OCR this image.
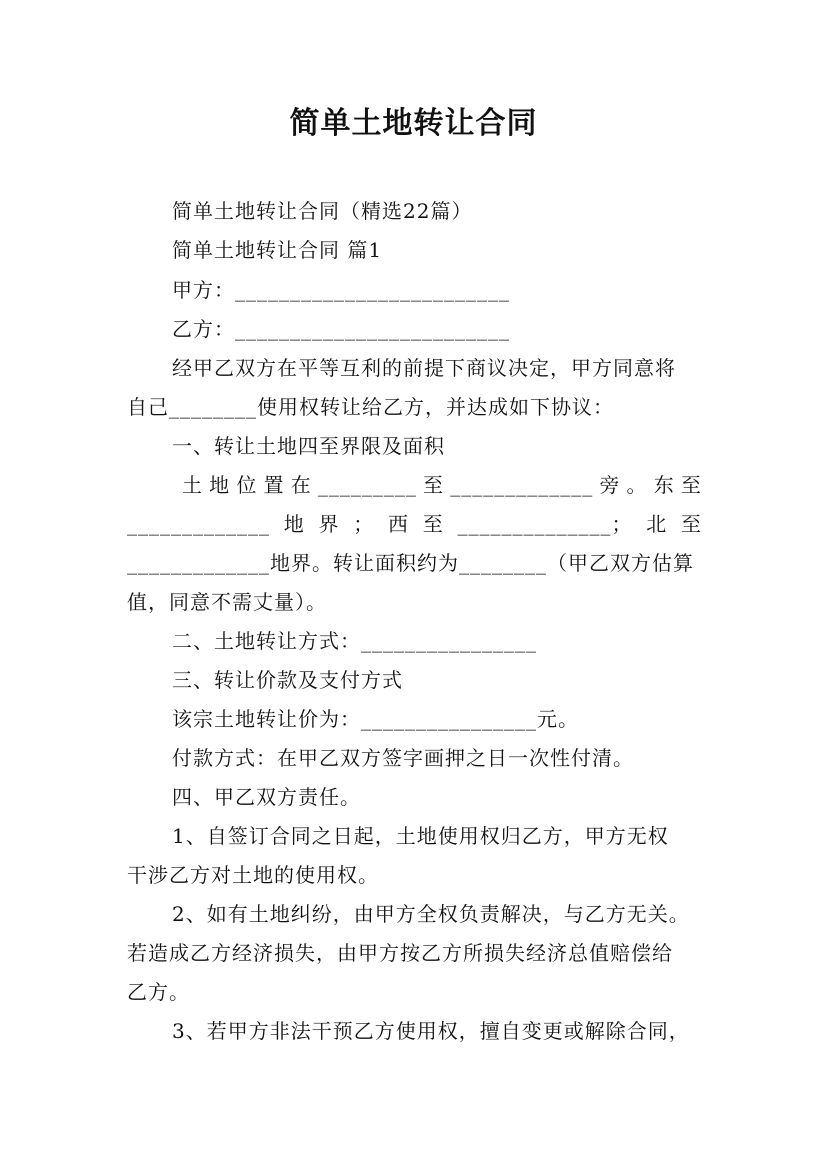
简单土地转让合同
简单土地转让合同（精选22篇）
简单土地转让合同 篇1
甲方：_________________________
乙方：_________________________
经甲乙双方在平等互利的前提下商议决定，甲方同意将
自己________使用权转让给乙方，并达成如下协议：
一、转让土地四至界限及面积
土 地 位 置 在 _________ 至 _____________ 旁 。 东 至
_____________ 地 界 ； 西 至 ______________； 北 至
_____________地界。转让面积约为________（甲乙双方估算
值，同意不需丈量）。
二、土地转让方式：________________
三、转让价款及支付方式
该宗土地转让价为：________________元。
付款方式：在甲乙双方签字画押之日一次性付清。
四、甲乙双方责任。
1、自签订合同之日起，土地使用权归乙方，甲方无权
干涉乙方对土地的使用权。
2、如有土地纠纷，由甲方全权负责解决，与乙方无关。
若造成乙方经济损失，由甲方按乙方所损失经济总值赔偿给
乙方。
3、若甲方非法干预乙方使用权，擅自变更或解除合同，
